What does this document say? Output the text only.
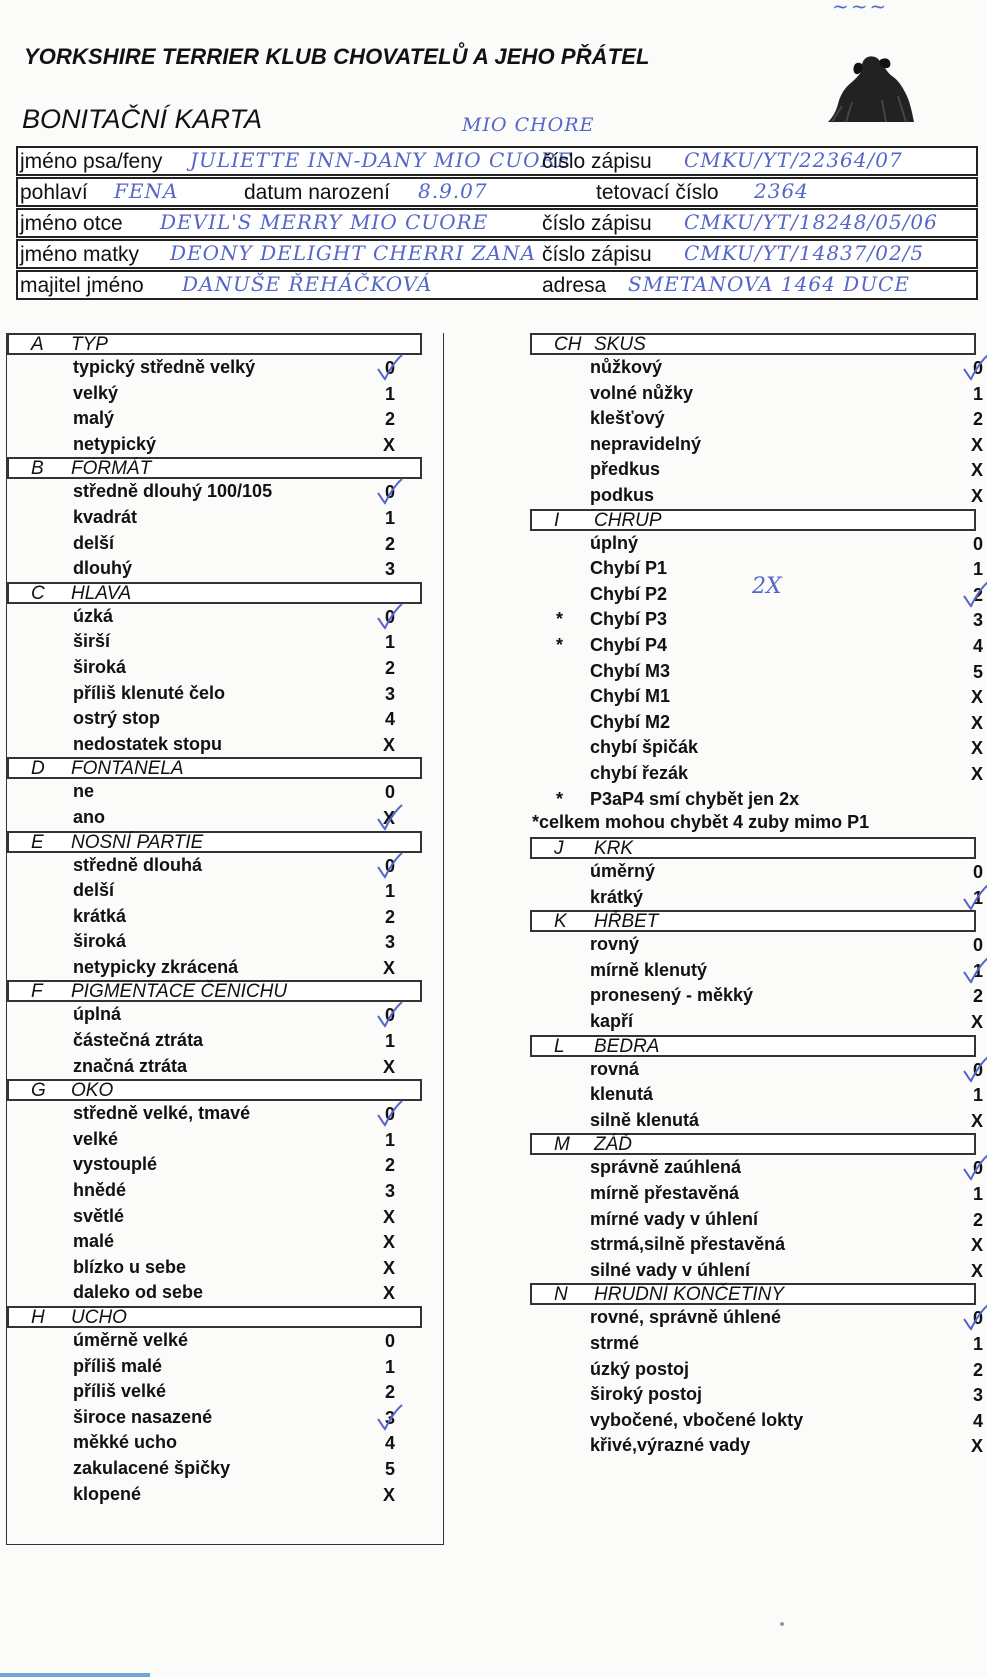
~~~
YORKSHIRE TERRIER KLUB CHOVATELŮ A JEHO PŘÁTEL
BONITAČNÍ KARTA	MIO CHORE
jméno psa/feny JULIETTE INN-DANY MIO CUORE
číslo zápisu CMKU/YT/22364/07
pohlaví FENA	datum narození 8.9.07	tetovací číslo 2364
jméno otce DEVIL'S MERRY MIO CUORE	číslo zápisu CMKU/YT/18248/05/06
jméno matky DEONY DELIGHT CHERRI ZANA číslo zápisu CMKU/YT/14837/02/5
majitel jméno DANUŠE ŘEHÁČKOVÁ	adresa SMETANOVA 1464 DUCE
A TYP
typický středně velký	0
velký	1
malý	2
netypický	X
B FORMÁT
středně dlouhý 100/105	0
kvadrát	1
delší	2
dlouhý	3
C HLAVA
úzká	0
širší	1
široká	2
příliš klenuté čelo	3
ostrý stop	4
nedostatek stopu	X
D FONTANELA
ne	0
ano	X
E NOSNÍ PARTIE
středně dlouhá	0
delší	1
krátká	2
široká	3
netypicky zkrácená	X
F PIGMENTACE ČENICHU
úplná	0
částečná ztráta	1
značná ztráta	X
G OKO
středně velké, tmavé	0
velké	1
vystouplé	2
hnědé	3
světlé	X
malé	X
blízko u sebe	X
daleko od sebe	X
H UCHO
úměrně velké	0
příliš malé	1
příliš velké	2
široce nasazené	3
měkké ucho	4
zakulacené špičky	5
klopené	X
CH SKUS
nůžkový	0
volné nůžky	1
klešťový	2
nepravidelný	X
předkus	X
podkus	X
I CHRUP
úplný	0
Chybí P1	1
Chybí P2	2
* Chybí P3	3
* Chybí P4	4
Chybí M3	5
Chybí M1	X
Chybí M2	X
chybí špičák	X
chybí řezák	X
* P3aP4 smí chybět jen 2x
*celkem mohou chybět 4 zuby mimo P1
J KRK
úměrný	0
krátký	1
K HŘBET
rovný	0
mírně klenutý	1
pronesený - měkký	2
kapří	X
L BEDRA
rovná	0
klenutá	1
silně klenutá	X
M ZÁĎ
správně zaúhlená	0
mírně přestavěná	1
mírné vady v úhlení	2
strmá,silně přestavěná	X
silné vady v úhlení	X
N HRUDNÍ KONČETINY
rovné, správně úhlené	0
strmé	1
úzký postoj	2
široký postoj	3
vybočené, vbočené lokty	4
křivé,výrazné vady	X
2X
